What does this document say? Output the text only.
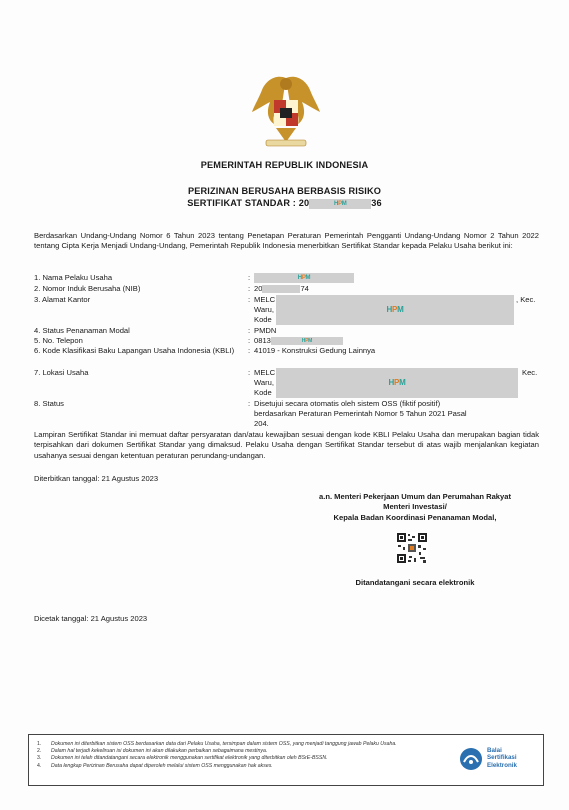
PEMERINTAH REPUBLIK INDONESIA
PERIZINAN BERUSAHA BERBASIS RISIKO
SERTIFIKAT STANDAR : 20	HPM	36
Berdasarkan Undang-Undang Nomor 6 Tahun 2023 tentang Penetapan Peraturan Pemerintah Pengganti Undang-Undang Nomor 2 Tahun 2022 tentang Cipta Kerja Menjadi Undang-Undang, Pemerintah Republik Indonesia menerbitkan Sertifikat Standar kepada Pelaku Usaha berikut ini:
1. Nama Pelaku Usaha	:	HPM
2. Nomor Induk Berusaha (NIB)	: 20	74
3. Alamat Kantor	: MELC
Waru,
Kode
HPM
, Kec.
4. Status Penanaman Modal	: PMDN
5. No. Telepon	: 0813	HPM
6. Kode Klasifikasi Baku Lapangan Usaha Indonesia (KBLI)	: 41019 - Konstruksi Gedung Lainnya
7. Lokasi Usaha	: MELC
Waru,
Kode
HPM
Kec.
8. Status	: Disetujui secara otomatis oleh sistem OSS (fiktif positif) berdasarkan Peraturan Pemerintah Nomor 5 Tahun 2021 Pasal 204.
Lampiran Sertifikat Standar ini memuat daftar persyaratan dan/atau kewajiban sesuai dengan kode KBLI Pelaku Usaha dan merupakan bagian tidak terpisahkan dari dokumen Sertifikat Standar yang dimaksud. Pelaku Usaha dengan Sertifikat Standar tersebut di atas wajib menjalankan kegiatan usahanya sesuai dengan ketentuan peraturan perundang-undangan.
Diterbitkan tanggal: 21 Agustus 2023
a.n. Menteri Pekerjaan Umum dan Perumahan Rakyat
Menteri Investasi/
Kepala Badan Koordinasi Penanaman Modal,
Ditandatangani secara elektronik
Dicetak tanggal: 21 Agustus 2023
1. Dokumen ini diterbitkan sistem OSS berdasarkan data dari Pelaku Usaha, tersimpan dalam sistem OSS, yang menjadi tanggung jawab Pelaku Usaha.
2. Dalam hal terjadi kekeliruan isi dokumen ini akan dilakukan perbaikan sebagaimana mestinya.
3. Dokumen ini telah ditandatangani secara elektronik menggunakan sertifikat elektronik yang diterbitkan oleh BSrE-BSSN.
4. Data lengkap Perizinan Berusaha dapat diperoleh melalui sistem OSS menggunakan hak akses.
Balai
Sertifikasi
Elektronik
